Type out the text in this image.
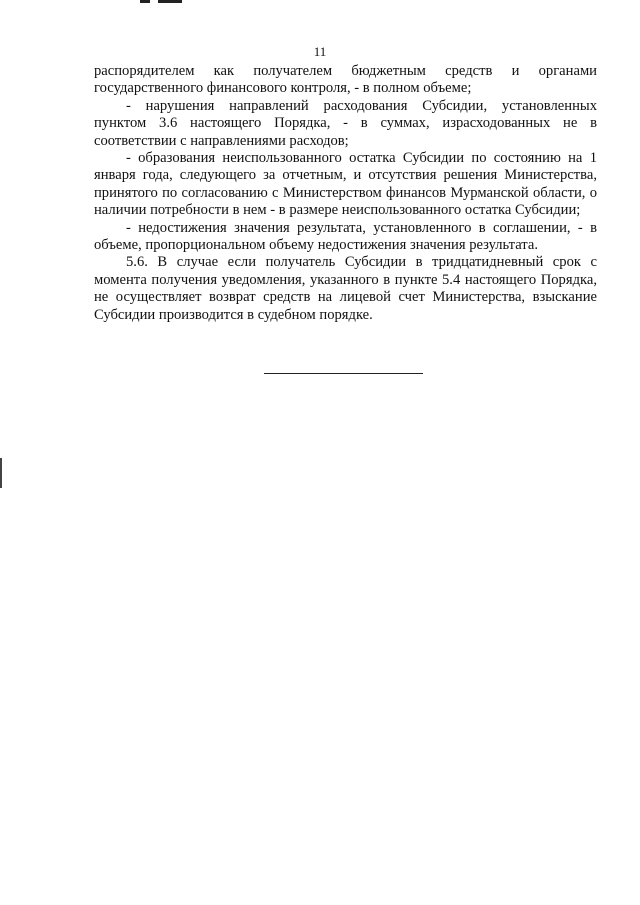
11

распорядителем как получателем бюджетным средств и органами государственного финансового контроля, - в полном объеме;

- нарушения направлений расходования Субсидии, установленных пунктом 3.6 настоящего Порядка, - в суммах, израсходованных не в соответствии с направлениями расходов;

- образования неиспользованного остатка Субсидии по состоянию на 1 января года, следующего за отчетным, и отсутствия решения Министерства, принятого по согласованию с Министерством финансов Мурманской области, о наличии потребности в нем - в размере неиспользованного остатка Субсидии;

- недостижения значения результата, установленного в соглашении, - в объеме, пропорциональном объему недостижения значения результата.

5.6. В случае если получатель Субсидии в тридцатидневный срок с момента получения уведомления, указанного в пункте 5.4 настоящего Порядка, не осуществляет возврат средств на лицевой счет Министерства, взыскание Субсидии производится в судебном порядке.
